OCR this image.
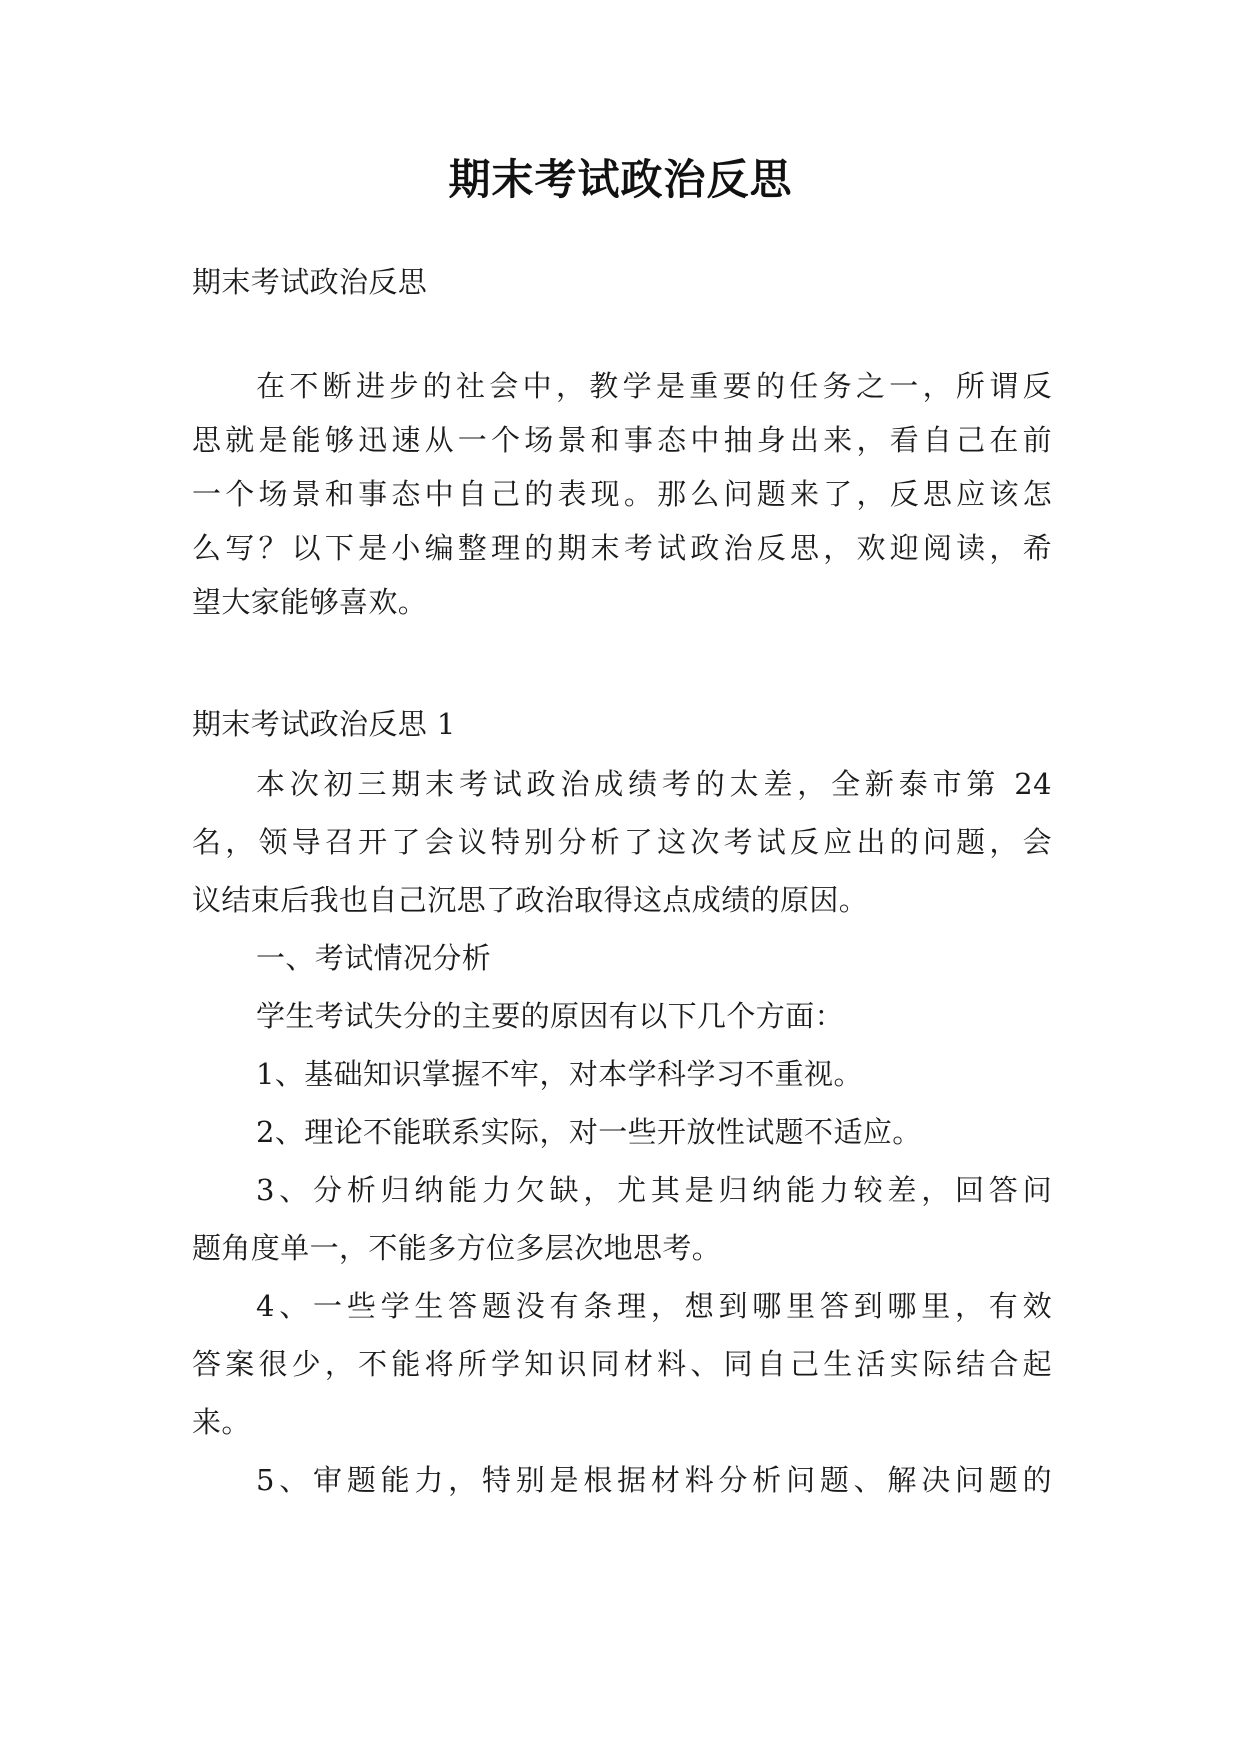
期末考试政治反思
期末考试政治反思
在不断进步的社会中，教学是重要的任务之一，所谓反
思就是能够迅速从一个场景和事态中抽身出来，看自己在前
一个场景和事态中自己的表现。那么问题来了，反思应该怎
么写？以下是小编整理的期末考试政治反思，欢迎阅读，希
望大家能够喜欢。
期末考试政治反思 1
本次初三期末考试政治成绩考的太差，全新泰市第 24
名，领导召开了会议特别分析了这次考试反应出的问题，会
议结束后我也自己沉思了政治取得这点成绩的原因。
一、考试情况分析
学生考试失分的主要的原因有以下几个方面：
1、基础知识掌握不牢，对本学科学习不重视。
2、理论不能联系实际，对一些开放性试题不适应。
3、分析归纳能力欠缺，尤其是归纳能力较差，回答问
题角度单一，不能多方位多层次地思考。
4、一些学生答题没有条理，想到哪里答到哪里，有效
答案很少，不能将所学知识同材料、同自己生活实际结合起
来。
5、审题能力，特别是根据材料分析问题、解决问题的
